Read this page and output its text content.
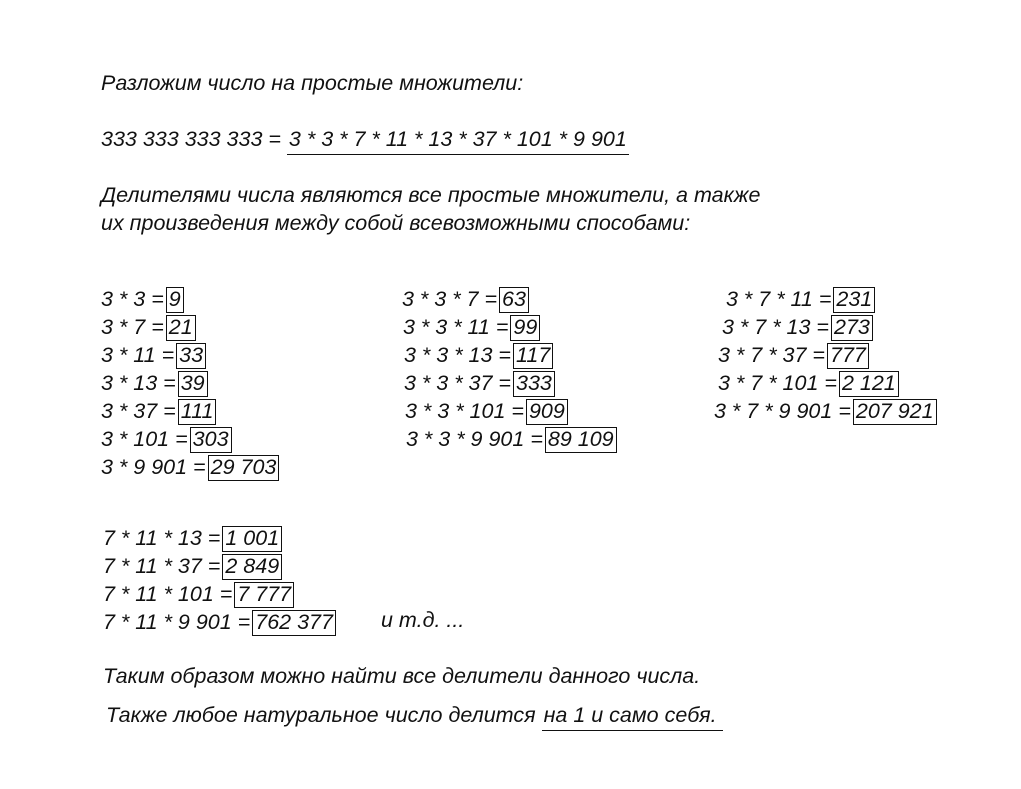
Разложим число на простые множители:
333 333 333 333 = 3 * 3 * 7 * 11 * 13 * 37 * 101 * 9 901
Делителями числа являются все простые множители, а также
их произведения между собой всевозможными способами:
3 * 3 = 9
3 * 7 = 21
3 * 11 = 33
3 * 13 = 39
3 * 37 = 111
3 * 101 = 303
3 * 9 901 = 29 703
3 * 3 * 7 = 63
3 * 3 * 11 = 99
3 * 3 * 13 = 117
3 * 3 * 37 = 333
3 * 3 * 101 = 909
3 * 3 * 9 901 = 89 109
3 * 7 * 11 = 231
3 * 7 * 13 = 273
3 * 7 * 37 = 777
3 * 7 * 101 = 2 121
3 * 7 * 9 901 = 207 921
7 * 11 * 13 = 1 001
7 * 11 * 37 = 2 849
7 * 11 * 101 = 7 777
7 * 11 * 9 901 = 762 377 и т.д. ...
Таким образом можно найти все делители данного числа.
Также любое натуральное число делится на 1 и само себя.
